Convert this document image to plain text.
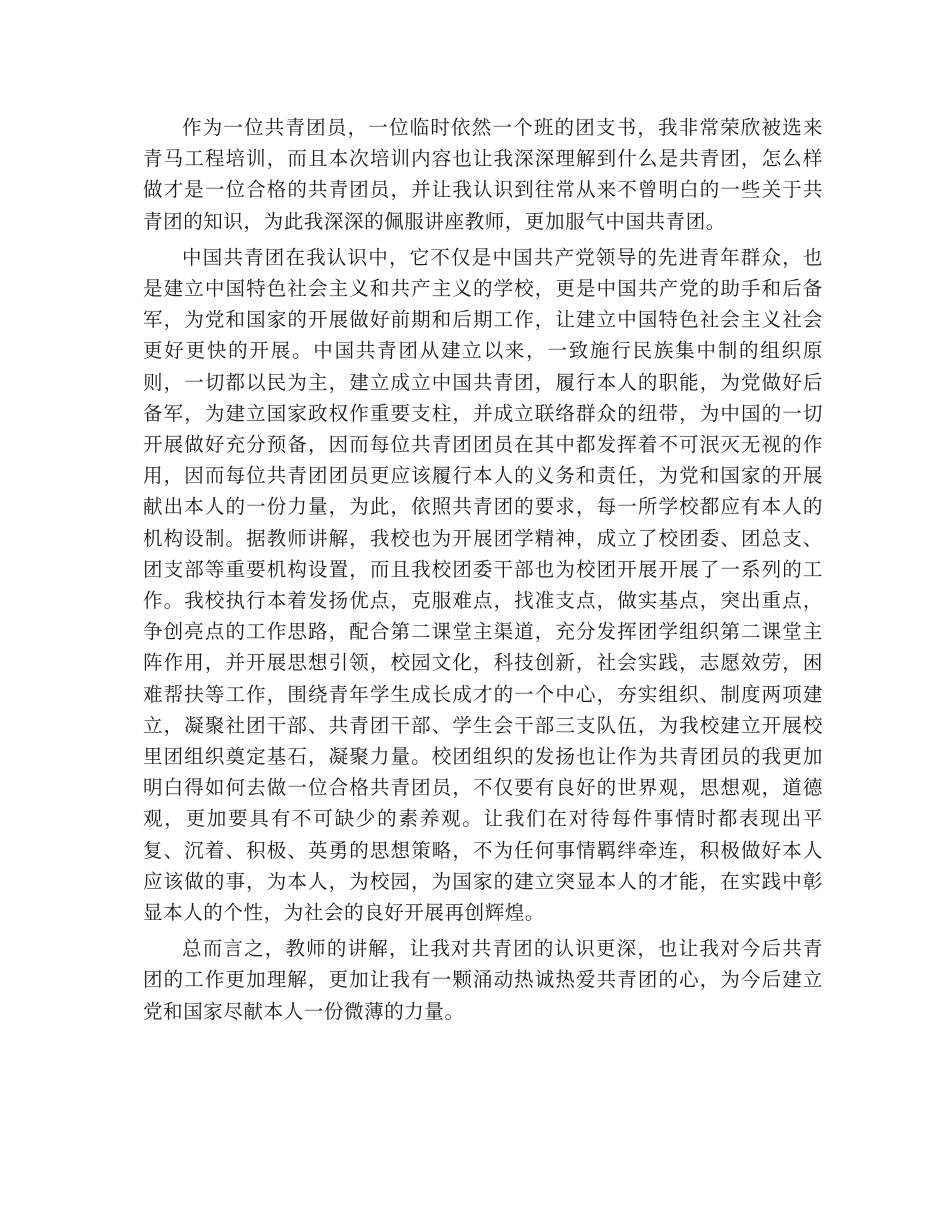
作为一位共青团员，一位临时依然一个班的团支书，我非常荣欣被选来青马工程培训，而且本次培训内容也让我深深理解到什么是共青团，怎么样做才是一位合格的共青团员，并让我认识到往常从来不曾明白的一些关于共青团的知识，为此我深深的佩服讲座教师，更加服气中国共青团。

中国共青团在我认识中，它不仅是中国共产党领导的先进青年群众，也是建立中国特色社会主义和共产主义的学校，更是中国共产党的助手和后备军，为党和国家的开展做好前期和后期工作，让建立中国特色社会主义社会更好更快的开展。中国共青团从建立以来，一致施行民族集中制的组织原则，一切都以民为主，建立成立中国共青团，履行本人的职能，为党做好后备军，为建立国家政权作重要支柱，并成立联络群众的纽带，为中国的一切开展做好充分预备，因而每位共青团团员在其中都发挥着不可泯灭无视的作用，因而每位共青团团员更应该履行本人的义务和责任，为党和国家的开展献出本人的一份力量，为此，依照共青团的要求，每一所学校都应有本人的机构设制。据教师讲解，我校也为开展团学精神，成立了校团委、团总支、团支部等重要机构设置，而且我校团委干部也为校团开展开展了一系列的工作。我校执行本着发扬优点，克服难点，找准支点，做实基点，突出重点，争创亮点的工作思路，配合第二课堂主渠道，充分发挥团学组织第二课堂主阵作用，并开展思想引领，校园文化，科技创新，社会实践，志愿效劳，困难帮扶等工作，围绕青年学生成长成才的一个中心，夯实组织、制度两项建立，凝聚社团干部、共青团干部、学生会干部三支队伍，为我校建立开展校里团组织奠定基石，凝聚力量。校团组织的发扬也让作为共青团员的我更加明白得如何去做一位合格共青团员，不仅要有良好的世界观，思想观，道德观，更加要具有不可缺少的素养观。让我们在对待每件事情时都表现出平复、沉着、积极、英勇的思想策略，不为任何事情羁绊牵连，积极做好本人应该做的事，为本人，为校园，为国家的建立突显本人的才能，在实践中彰显本人的个性，为社会的良好开展再创辉煌。

总而言之，教师的讲解，让我对共青团的认识更深，也让我对今后共青团的工作更加理解，更加让我有一颗涌动热诚热爱共青团的心，为今后建立党和国家尽献本人一份微薄的力量。
